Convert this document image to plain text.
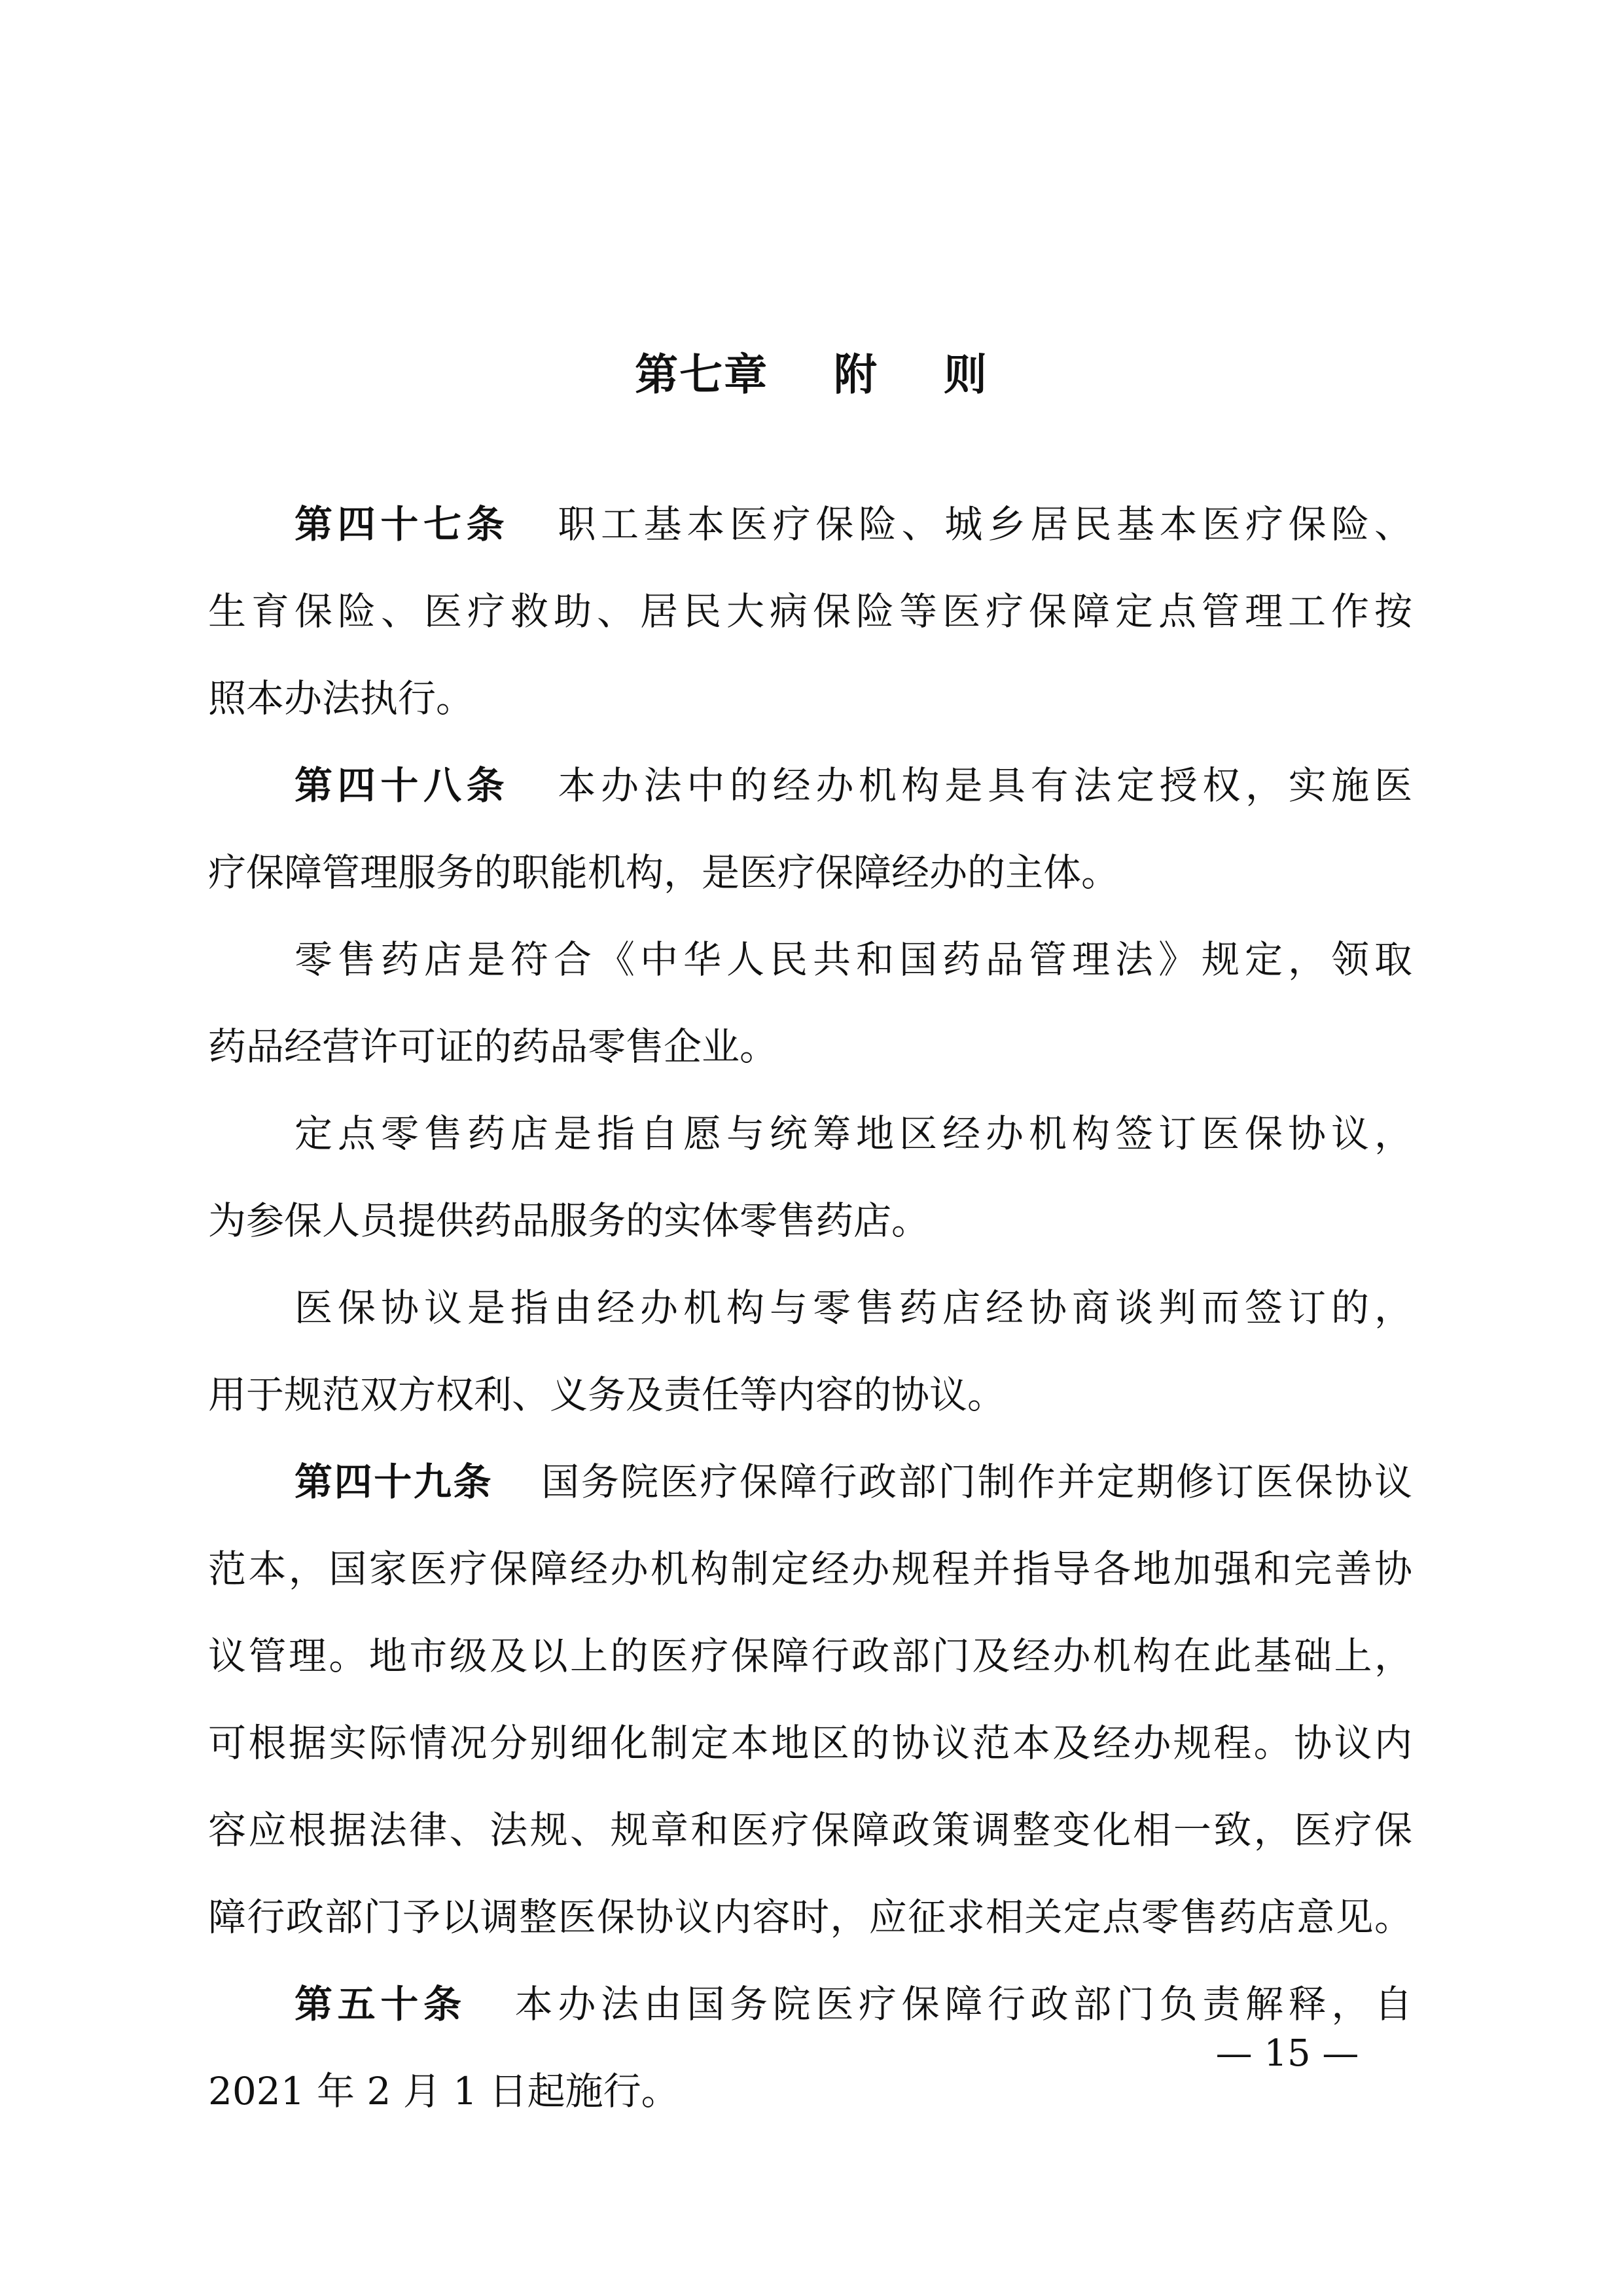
第七章    附    则
第四十七条 职工基本医疗保险、城乡居民基本医疗保险、
生育保险、医疗救助、居民大病保险等医疗保障定点管理工作按
照本办法执行。
第四十八条 本办法中的经办机构是具有法定授权，实施医
疗保障管理服务的职能机构，是医疗保障经办的主体。
零售药店是符合《中华人民共和国药品管理法》规定，领取
药品经营许可证的药品零售企业。
定点零售药店是指自愿与统筹地区经办机构签订医保协议，
为参保人员提供药品服务的实体零售药店。
医保协议是指由经办机构与零售药店经协商谈判而签订的，
用于规范双方权利、义务及责任等内容的协议。
第四十九条 国务院医疗保障行政部门制作并定期修订医保协议
范本，国家医疗保障经办机构制定经办规程并指导各地加强和完善协
议管理。地市级及以上的医疗保障行政部门及经办机构在此基础上，
可根据实际情况分别细化制定本地区的协议范本及经办规程。协议内
容应根据法律、法规、规章和医疗保障政策调整变化相一致，医疗保
障行政部门予以调整医保协议内容时，应征求相关定点零售药店意见。
第五十条 本办法由国务院医疗保障行政部门负责解释，自
2021 年 2 月 1 日起施行。
— 15 —
